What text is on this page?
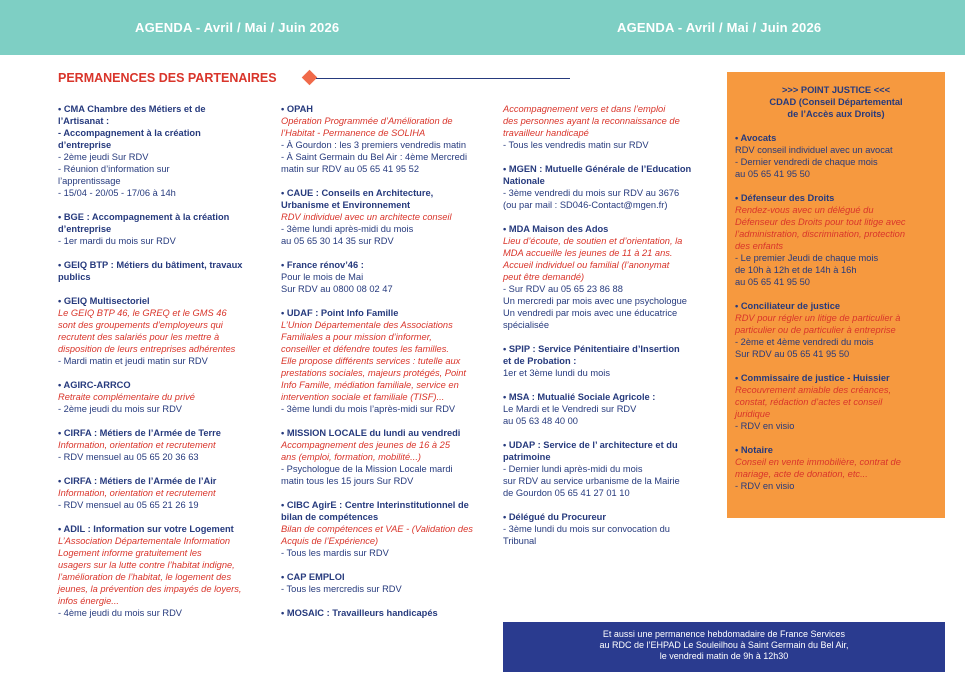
AGENDA - Avril / Mai / Juin 2026	AGENDA - Avril / Mai / Juin 2026
PERMANENCES DES PARTENAIRES
• CMA Chambre des Métiers et de
l’Artisanat :
- Accompagnement à la création
d’entreprise
- 2ème jeudi Sur RDV
- Réunion d’information sur
l’apprentissage
- 15/04 - 20/05 - 17/06 à 14h
• BGE : Accompagnement à la création
d’entreprise
- 1er mardi du mois sur RDV
• GEIQ BTP : Métiers du bâtiment, travaux
publics
• GEIQ Multisectoriel
Le GEIQ BTP 46, le GREQ et le GMS 46
sont des groupements d’employeurs qui
recrutent des salariés pour les mettre à
disposition de leurs entreprises adhérentes
- Mardi matin et jeudi matin sur RDV
• AGIRC-ARRCO
Retraite complémentaire du privé
- 2ème jeudi du mois sur RDV
• CIRFA : Métiers de l’Armée de Terre
Information, orientation et recrutement
- RDV mensuel au 05 65 20 36 63
• CIRFA : Métiers de l’Armée de l’Air
Information, orientation et recrutement
- RDV mensuel au 05 65 21 26 19
• ADIL : Information sur votre Logement
L’Association Départementale Information
Logement informe gratuitement les
usagers sur la lutte contre l’habitat indigne,
l’amélioration de l’habitat, le logement des
jeunes, la prévention des impayés de loyers,
infos énergie...
- 4ème jeudi du mois sur RDV
• OPAH
Opération Programmée d’Amélioration de
l’Habitat - Permanence de SOLIHA
- À Gourdon : les 3 premiers vendredis matin
- À Saint Germain du Bel Air : 4ème Mercredi
matin sur RDV au 05 65 41 95 52
• CAUE : Conseils en Architecture,
Urbanisme et Environnement
RDV individuel avec un architecte conseil
- 3ème lundi après-midi du mois
au 05 65 30 14 35 sur RDV
• France rénov’46 :
Pour le mois de Mai
Sur RDV au 0800 08 02 47
• UDAF : Point Info Famille
L’Union Départementale des Associations
Familiales a pour mission d’informer,
conseiller et défendre toutes les familles.
Elle propose différents services : tutelle aux
prestations sociales, majeurs protégés, Point
Info Famille, médiation familiale, service en
intervention sociale et familiale (TISF)...
- 3ème lundi du mois l’après-midi sur RDV
• MISSION LOCALE du lundi au vendredi
Accompagnement des jeunes de 16 à 25
ans (emploi, formation, mobilité...)
- Psychologue de la Mission Locale mardi
matin tous les 15 jours Sur RDV
• CIBC AgirE : Centre Interinstitutionnel de
bilan de compétences
Bilan de compétences et VAE - (Validation des
Acquis de l’Expérience)
- Tous les mardis sur RDV
• CAP EMPLOI
- Tous les mercredis sur RDV
• MOSAIC : Travailleurs handicapés
Accompagnement vers et dans l’emploi
des personnes ayant la reconnaissance de
travailleur handicapé
- Tous les vendredis matin sur RDV
• MGEN : Mutuelle Générale de l’Education
Nationale
- 3ème vendredi du mois sur RDV au 3676
(ou par mail : SD046-Contact@mgen.fr)
• MDA Maison des Ados
Lieu d’écoute, de soutien et d’orientation, la
MDA accueille les jeunes de 11 à 21 ans.
Accueil individuel ou familial (l’anonymat
peut être demandé)
- Sur RDV au 05 65 23 86 88
Un mercredi par mois avec une psychologue
Un vendredi par mois avec une éducatrice
spécialisée
• SPIP : Service Pénitentiaire d’Insertion
et de Probation :
1er et 3ème lundi du mois
• MSA : Mutualié Sociale Agricole :
Le Mardi et le Vendredi sur RDV
au 05 63 48 40 00
• UDAP : Service de l’ architecture et du
patrimoine
- Dernier lundi après-midi du mois
sur RDV au service urbanisme de la Mairie
de Gourdon 05 65 41 27 01 10
• Délégué du Procureur
- 3ème lundi du mois sur convocation du
Tribunal
>>> POINT JUSTICE <<<
CDAD (Conseil Départemental
de l’Accès aux Droits)
• Avocats
RDV conseil individuel avec un avocat
- Dernier vendredi de chaque mois
au 05 65 41 95 50
• Défenseur des Droits
Rendez-vous avec un délégué du
Défenseur des Droits pour tout litige avec
l’administration, discrimination, protection
des enfants
- Le premier Jeudi de chaque mois
de 10h à 12h et de 14h à 16h
au 05 65 41 95 50
• Conciliateur de justice
RDV pour régler un litige de particulier à
particulier ou de particulier à entreprise
- 2ème et 4ème vendredi du mois
Sur RDV au 05 65 41 95 50
• Commissaire de justice - Huissier
Recouvrement amiable des créances,
constat, rédaction d’actes et conseil
juridique
- RDV en visio
• Notaire
Conseil en vente immobilière, contrat de
mariage, acte de donation, etc...
- RDV en visio
Et aussi une permanence hebdomadaire de France Services
au RDC de l’EHPAD Le Souleilhou à Saint Germain du Bel Air,
le vendredi matin de 9h à 12h30
